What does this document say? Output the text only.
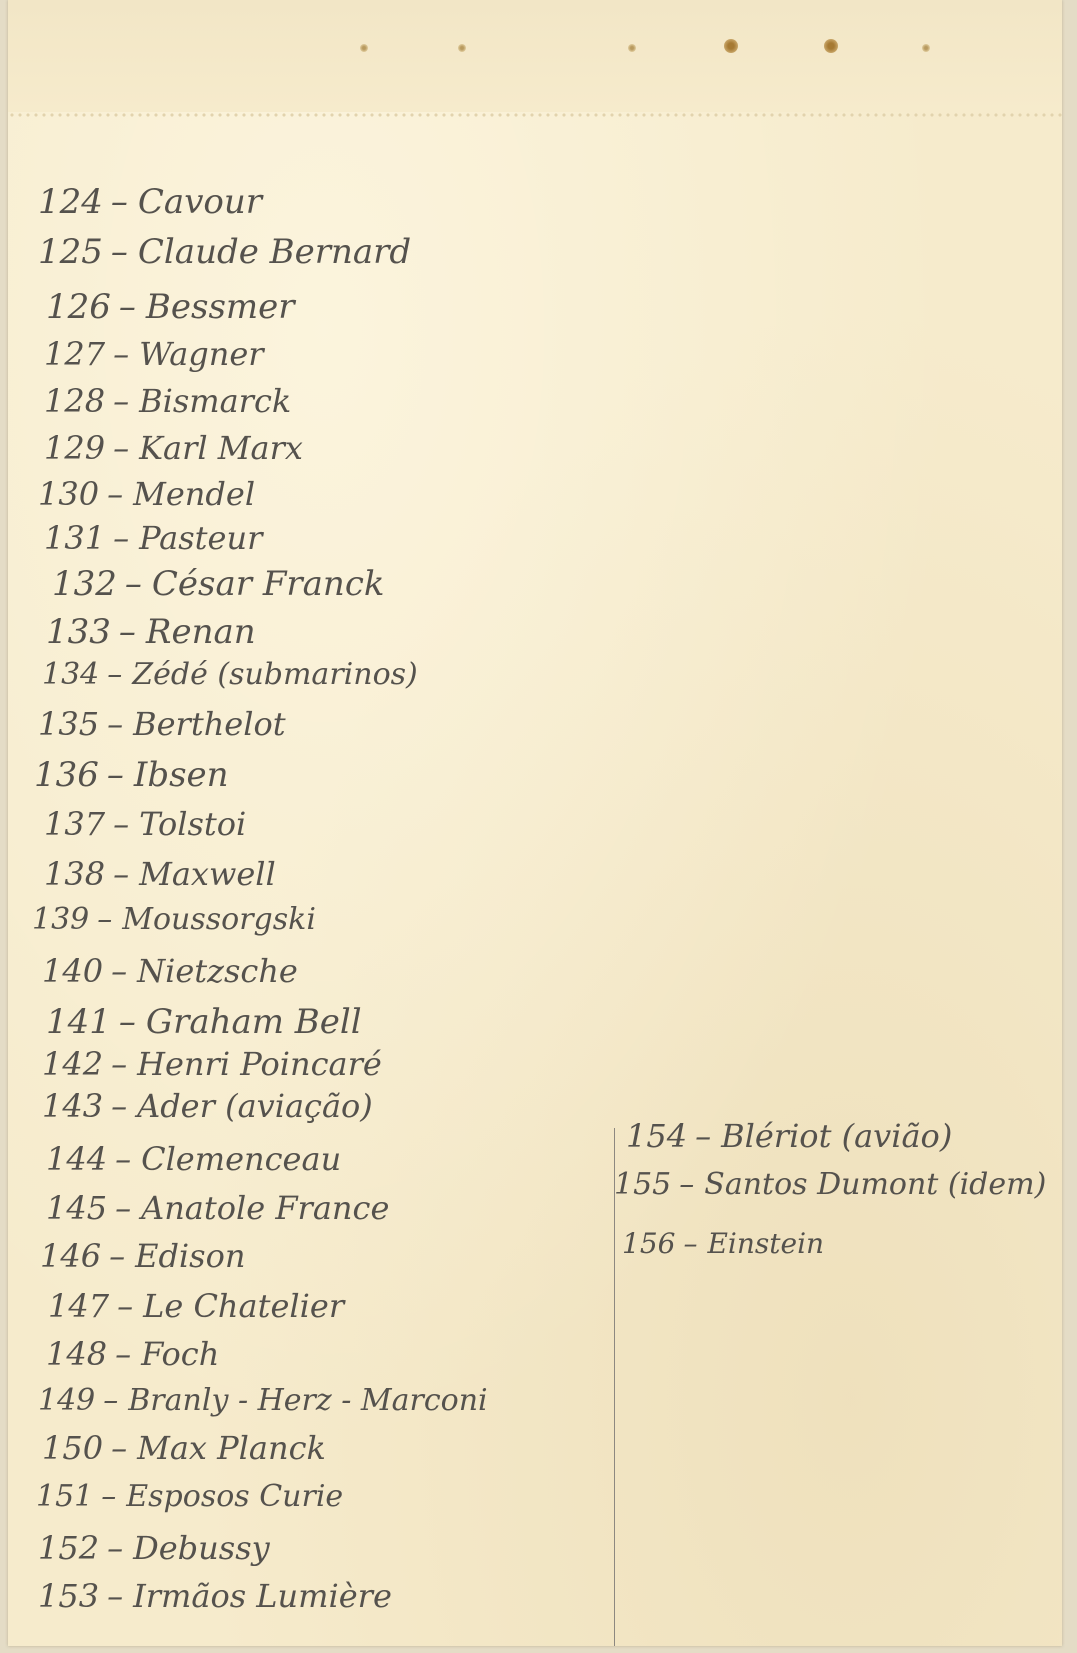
124 – Cavour
125 – Claude Bernard
126 – Bessmer
127 – Wagner
128 – Bismarck
129 – Karl Marx
130 – Mendel
131 – Pasteur
132 – César Franck
133 – Renan
134 – Zédé (submarinos)
135 – Berthelot
136 – Ibsen
137 – Tolstoi
138 – Maxwell
139 – Moussorgski
140 – Nietzsche
141 – Graham Bell
142 – Henri Poincaré
143 – Ader (aviação)
144 – Clemenceau
145 – Anatole France
146 – Edison
147 – Le Chatelier
148 – Foch
149 – Branly - Herz - Marconi
150 – Max Planck
151 – Esposos Curie
152 – Debussy
153 – Irmãos Lumière
154 – Blériot (avião)
155 – Santos Dumont (idem)
156 – Einstein
